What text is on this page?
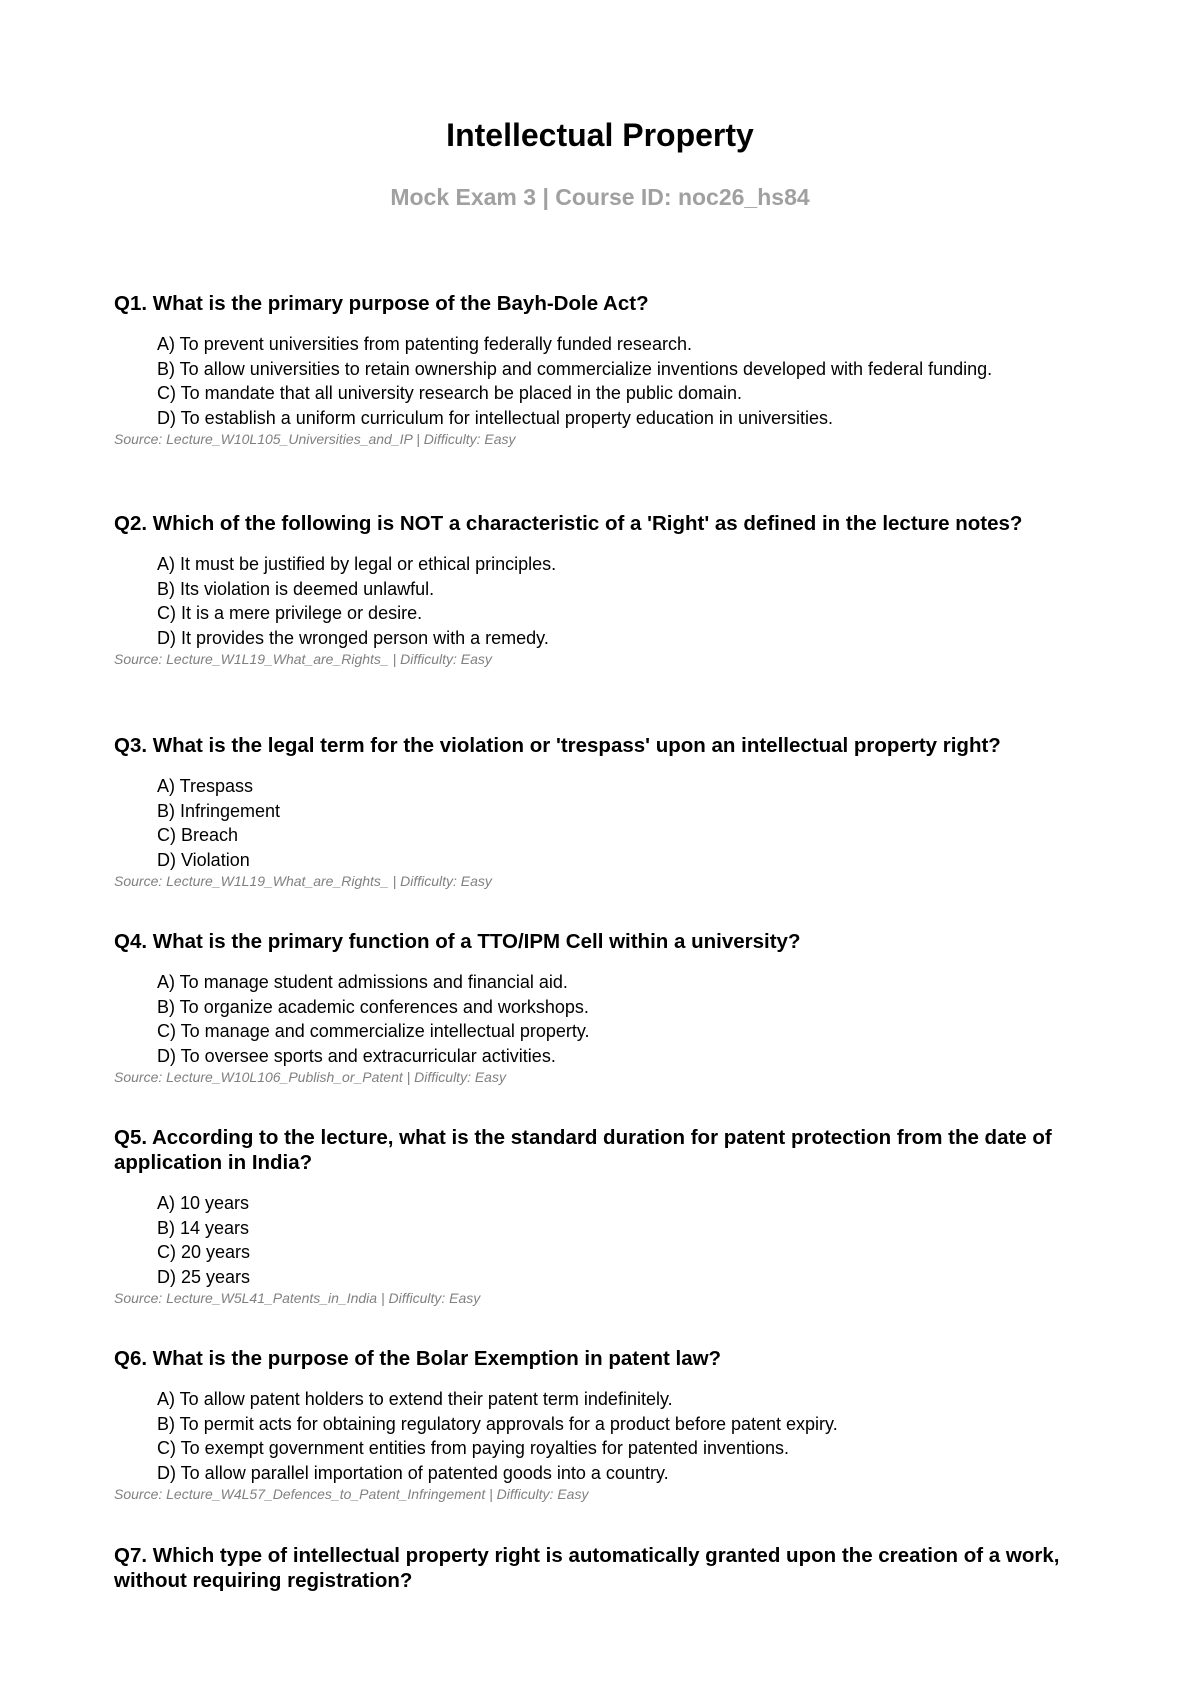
Intellectual Property
Mock Exam 3 | Course ID: noc26_hs84

Q1. What is the primary purpose of the Bayh-Dole Act?

A) To prevent universities from patenting federally funded research.
B) To allow universities to retain ownership and commercialize inventions developed with federal funding.
C) To mandate that all university research be placed in the public domain.
D) To establish a uniform curriculum for intellectual property education in universities.

Source: Lecture_W10L105_Universities_and_IP | Difficulty: Easy

Q2. Which of the following is NOT a characteristic of a 'Right' as defined in the lecture notes?

A) It must be justified by legal or ethical principles.
B) Its violation is deemed unlawful.
C) It is a mere privilege or desire.
D) It provides the wronged person with a remedy.

Source: Lecture_W1L19_What_are_Rights_ | Difficulty: Easy

Q3. What is the legal term for the violation or 'trespass' upon an intellectual property right?

A) Trespass
B) Infringement
C) Breach
D) Violation

Source: Lecture_W1L19_What_are_Rights_ | Difficulty: Easy

Q4. What is the primary function of a TTO/IPM Cell within a university?

A) To manage student admissions and financial aid.
B) To organize academic conferences and workshops.
C) To manage and commercialize intellectual property.
D) To oversee sports and extracurricular activities.

Source: Lecture_W10L106_Publish_or_Patent | Difficulty: Easy

Q5. According to the lecture, what is the standard duration for patent protection from the date of application in India?

A) 10 years
B) 14 years
C) 20 years
D) 25 years

Source: Lecture_W5L41_Patents_in_India | Difficulty: Easy

Q6. What is the purpose of the Bolar Exemption in patent law?

A) To allow patent holders to extend their patent term indefinitely.
B) To permit acts for obtaining regulatory approvals for a product before patent expiry.
C) To exempt government entities from paying royalties for patented inventions.
D) To allow parallel importation of patented goods into a country.

Source: Lecture_W4L57_Defences_to_Patent_Infringement | Difficulty: Easy

Q7. Which type of intellectual property right is automatically granted upon the creation of a work, without requiring registration?
